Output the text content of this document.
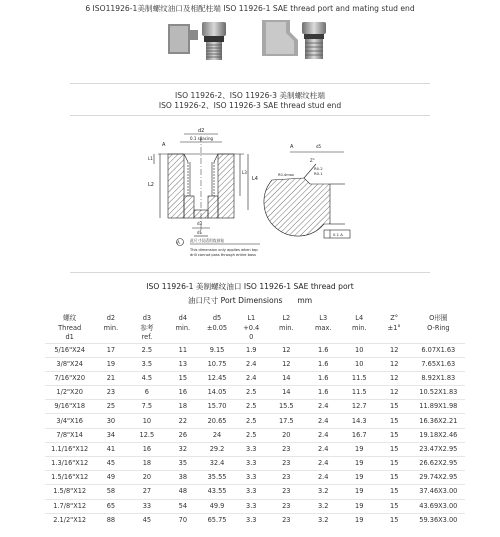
6 ISO11926-1美制螺纹油口及相配柱端 ISO 11926-1 SAE thread port and mating stud end
ISO 11926-2、ISO 11926-3 美制螺纹柱端
ISO 11926-2、ISO 11926-3 SAE thread stud end
A
d2
0.1 spacing
L4
L3
L2
L1
d3
d1
A	此尺寸仅适用攻丝钻
This dimension only applies when tap
drill cannot pass through entire boss
A	d5
Z°
R0.2
R0.1
R0.4max
0.1 A
ISO 11926-1 美制螺纹油口 ISO 11926-1 SAE thread port
油口尺寸 Port Dimensions mm
螺纹	d2	d3	d4	d5	L1	L2	L3	L4	Z°	O形圈
Thread	min.	参考	min.	±0.05	+0.4	min.	max.	min.	±1°	O-Ring
d1		ref.			0					
5/16"X24	17	2.5	11	9.15	1.9	12	1.6	10	12	6.07X1.63
3/8"X24	19	3.5	13	10.75	2.4	12	1.6	10	12	7.65X1.63
7/16"X20	21	4.5	15	12.45	2.4	14	1.6	11.5	12	8.92X1.83
1/2"X20	23	6	16	14.05	2.5	14	1.6	11.5	12	10.52X1.83
9/16"X18	25	7.5	18	15.70	2.5	15.5	2.4	12.7	15	11.89X1.98
3/4"X16	30	10	22	20.65	2.5	17.5	2.4	14.3	15	16.36X2.21
7/8"X14	34	12.5	26	24	2.5	20	2.4	16.7	15	19.18X2.46
1.1/16"X12	41	16	32	29.2	3.3	23	2.4	19	15	23.47X2.95
1.3/16"X12	45	18	35	32.4	3.3	23	2.4	19	15	26.62X2.95
1.5/16"X12	49	20	38	35.55	3.3	23	2.4	19	15	29.74X2.95
1.5/8"X12	58	27	48	43.55	3.3	23	3.2	19	15	37.46X3.00
1.7/8"X12	65	33	54	49.9	3.3	23	3.2	19	15	43.69X3.00
2.1/2"X12	88	45	70	65.75	3.3	23	3.2	19	15	59.36X3.00
